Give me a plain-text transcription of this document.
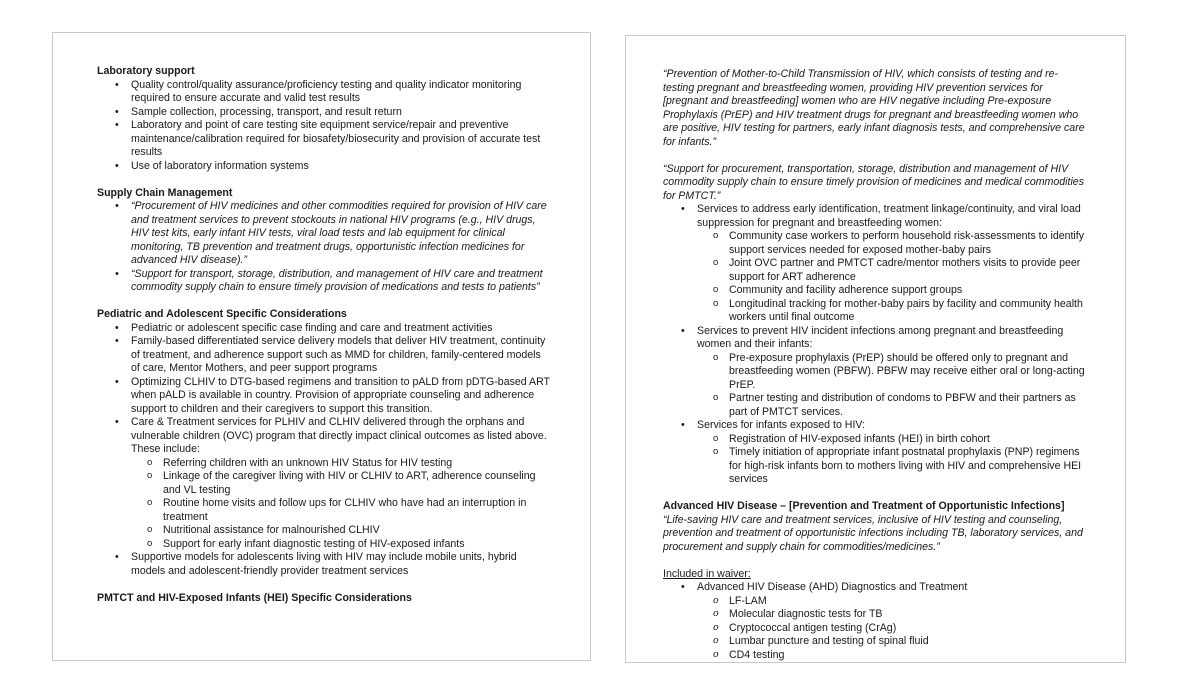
Laboratory support

• Quality control/quality assurance/proficiency testing and quality indicator monitoring required to ensure accurate and valid test results
• Sample collection, processing, transport, and result return
• Laboratory and point of care testing site equipment service/repair and preventive maintenance/calibration required for biosafety/biosecurity and provision of accurate test results
• Use of laboratory information systems

Supply Chain Management

• “Procurement of HIV medicines and other commodities required for provision of HIV care and treatment services to prevent stockouts in national HIV programs (e.g., HIV drugs, HIV test kits, early infant HIV tests, viral load tests and lab equipment for clinical monitoring, TB prevention and treatment drugs, opportunistic infection medicines for advanced HIV disease).”
• “Support for transport, storage, distribution, and management of HIV care and treatment commodity supply chain to ensure timely provision of medications and tests to patients”

Pediatric and Adolescent Specific Considerations

• Pediatric or adolescent specific case finding and care and treatment activities
• Family-based differentiated service delivery models that deliver HIV treatment, continuity of treatment, and adherence support such as MMD for children, family-centered models of care, Mentor Mothers, and peer support programs
• Optimizing CLHIV to DTG-based regimens and transition to pALD from pDTG-based ART when pALD is available in country. Provision of appropriate counseling and adherence support to children and their caregivers to support this transition.
• Care & Treatment services for PLHIV and CLHIV delivered through the orphans and vulnerable children (OVC) program that directly impact clinical outcomes as listed above. These include:
o Referring children with an unknown HIV Status for HIV testing
o Linkage of the caregiver living with HIV or CLHIV to ART, adherence counseling and VL testing
o Routine home visits and follow ups for CLHIV who have had an interruption in treatment
o Nutritional assistance for malnourished CLHIV
o Support for early infant diagnostic testing of HIV-exposed infants
• Supportive models for adolescents living with HIV may include mobile units, hybrid models and adolescent-friendly provider treatment services

PMTCT and HIV-Exposed Infants (HEI) Specific Considerations

“Prevention of Mother-to-Child Transmission of HIV, which consists of testing and re-testing pregnant and breastfeeding women, providing HIV prevention services for [pregnant and breastfeeding] women who are HIV negative including Pre-exposure Prophylaxis (PrEP) and HIV treatment drugs for pregnant and breastfeeding women who are positive, HIV testing for partners, early infant diagnosis tests, and comprehensive care for infants.”

“Support for procurement, transportation, storage, distribution and management of HIV commodity supply chain to ensure timely provision of medicines and medical commodities for PMTCT.”

• Services to address early identification, treatment linkage/continuity, and viral load suppression for pregnant and breastfeeding women:
o Community case workers to perform household risk-assessments to identify support services needed for exposed mother-baby pairs
o Joint OVC partner and PMTCT cadre/mentor mothers visits to provide peer support for ART adherence
o Community and facility adherence support groups
o Longitudinal tracking for mother-baby pairs by facility and community health workers until final outcome
• Services to prevent HIV incident infections among pregnant and breastfeeding women and their infants:
o Pre-exposure prophylaxis (PrEP) should be offered only to pregnant and breastfeeding women (PBFW). PBFW may receive either oral or long-acting PrEP.
o Partner testing and distribution of condoms to PBFW and their partners as part of PMTCT services.
• Services for infants exposed to HIV:
o Registration of HIV-exposed infants (HEI) in birth cohort
o Timely initiation of appropriate infant postnatal prophylaxis (PNP) regimens for high-risk infants born to mothers living with HIV and comprehensive HEI services

Advanced HIV Disease – [Prevention and Treatment of Opportunistic Infections]

“Life-saving HIV care and treatment services, inclusive of HIV testing and counseling, prevention and treatment of opportunistic infections including TB, laboratory services, and procurement and supply chain for commodities/medicines.”

Included in waiver:

• Advanced HIV Disease (AHD) Diagnostics and Treatment
o LF-LAM
o Molecular diagnostic tests for TB
o Cryptococcal antigen testing (CrAg)
o Lumbar puncture and testing of spinal fluid
o CD4 testing
